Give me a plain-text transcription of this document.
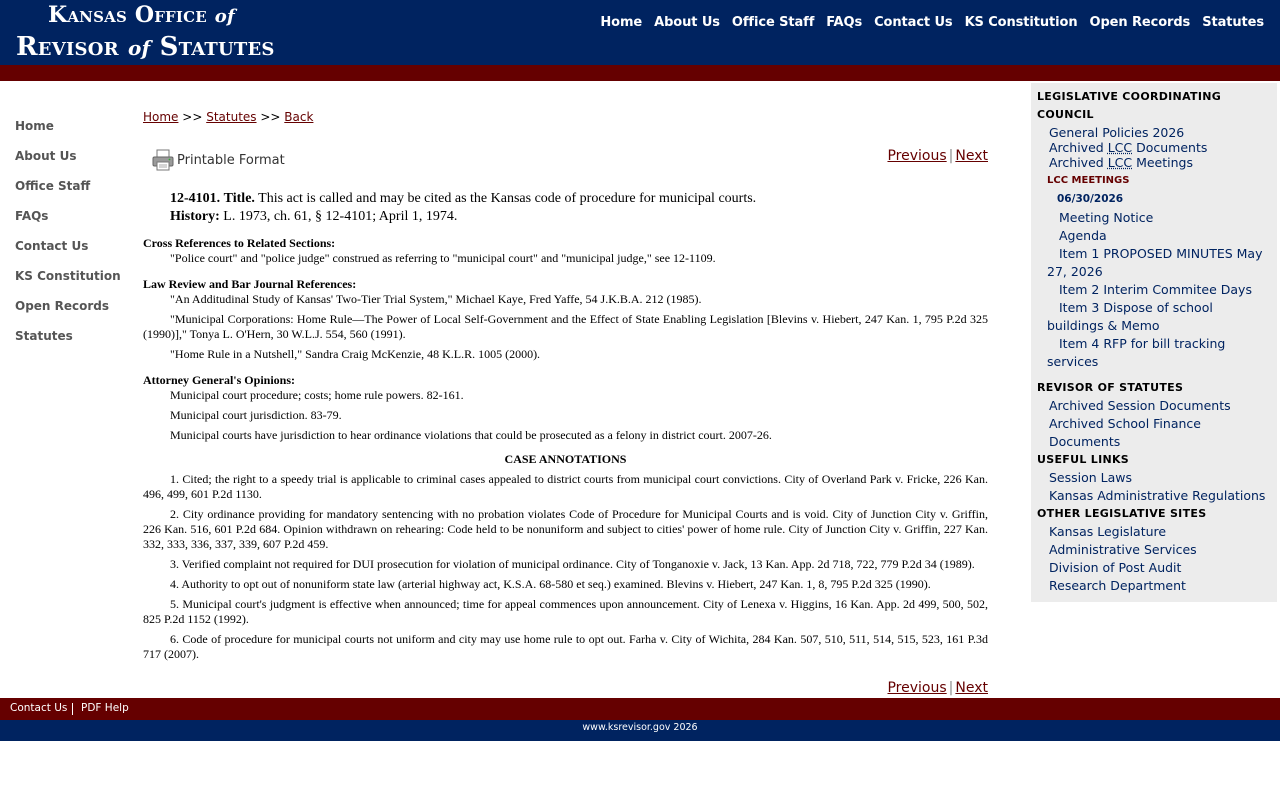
Kansas Office of
Revisor of Statutes
Home About Us Office Staff FAQs Contact Us KS Constitution Open Records Statutes
Home
About Us
Office Staff
FAQs
Contact Us
KS Constitution
Open Records
Statutes
Home >> Statutes >> Back
Previous | Next
Printable Format
12-4101. Title. This act is called and may be cited as the Kansas code of procedure for municipal courts.
History: L. 1973, ch. 61, § 12-4101; April 1, 1974.
Cross References to Related Sections:
"Police court" and "police judge" construed as referring to "municipal court" and "municipal judge," see 12-1109.
Law Review and Bar Journal References:
"An Additudinal Study of Kansas' Two-Tier Trial System," Michael Kaye, Fred Yaffe, 54 J.K.B.A. 212 (1985).
"Municipal Corporations: Home Rule—The Power of Local Self-Government and the Effect of State Enabling Legislation [Blevins v. Hiebert, 247 Kan. 1, 795 P.2d 325 (1990)]," Tonya L. O'Hern, 30 W.L.J. 554, 560 (1991).
"Home Rule in a Nutshell," Sandra Craig McKenzie, 48 K.L.R. 1005 (2000).
Attorney General's Opinions:
Municipal court procedure; costs; home rule powers. 82-161.
Municipal court jurisdiction. 83-79.
Municipal courts have jurisdiction to hear ordinance violations that could be prosecuted as a felony in district court. 2007-26.
CASE ANNOTATIONS
1. Cited; the right to a speedy trial is applicable to criminal cases appealed to district courts from municipal court convictions. City of Overland Park v. Fricke, 226 Kan. 496, 499, 601 P.2d 1130.
2. City ordinance providing for mandatory sentencing with no probation violates Code of Procedure for Municipal Courts and is void. City of Junction City v. Griffin, 226 Kan. 516, 601 P.2d 684. Opinion withdrawn on rehearing: Code held to be nonuniform and subject to cities' power of home rule. City of Junction City v. Griffin, 227 Kan. 332, 333, 336, 337, 339, 607 P.2d 459.
3. Verified complaint not required for DUI prosecution for violation of municipal ordinance. City of Tonganoxie v. Jack, 13 Kan. App. 2d 718, 722, 779 P.2d 34 (1989).
4. Authority to opt out of nonuniform state law (arterial highway act, K.S.A. 68-580 et seq.) examined. Blevins v. Hiebert, 247 Kan. 1, 8, 795 P.2d 325 (1990).
5. Municipal court's judgment is effective when announced; time for appeal commences upon announcement. City of Lenexa v. Higgins, 16 Kan. App. 2d 499, 500, 502, 825 P.2d 1152 (1992).
6. Code of procedure for municipal courts not uniform and city may use home rule to opt out. Farha v. City of Wichita, 284 Kan. 507, 510, 511, 514, 515, 523, 161 P.3d 717 (2007).
Previous | Next
LEGISLATIVE COORDINATING
COUNCIL
General Policies 2026
Archived LCC Documents
Archived LCC Meetings
LCC MEETINGS
06/30/2026
Meeting Notice
Agenda
Item 1 PROPOSED MINUTES May 27, 2026
Item 2 Interim Commitee Days
Item 3 Dispose of school buildings & Memo
Item 4 RFP for bill tracking services
REVISOR OF STATUTES
Archived Session Documents
Archived School Finance Documents
USEFUL LINKS
Session Laws
Kansas Administrative Regulations
OTHER LEGISLATIVE SITES
Kansas Legislature
Administrative Services
Division of Post Audit
Research Department
Contact Us PDF Help
www.ksrevisor.gov 2026
